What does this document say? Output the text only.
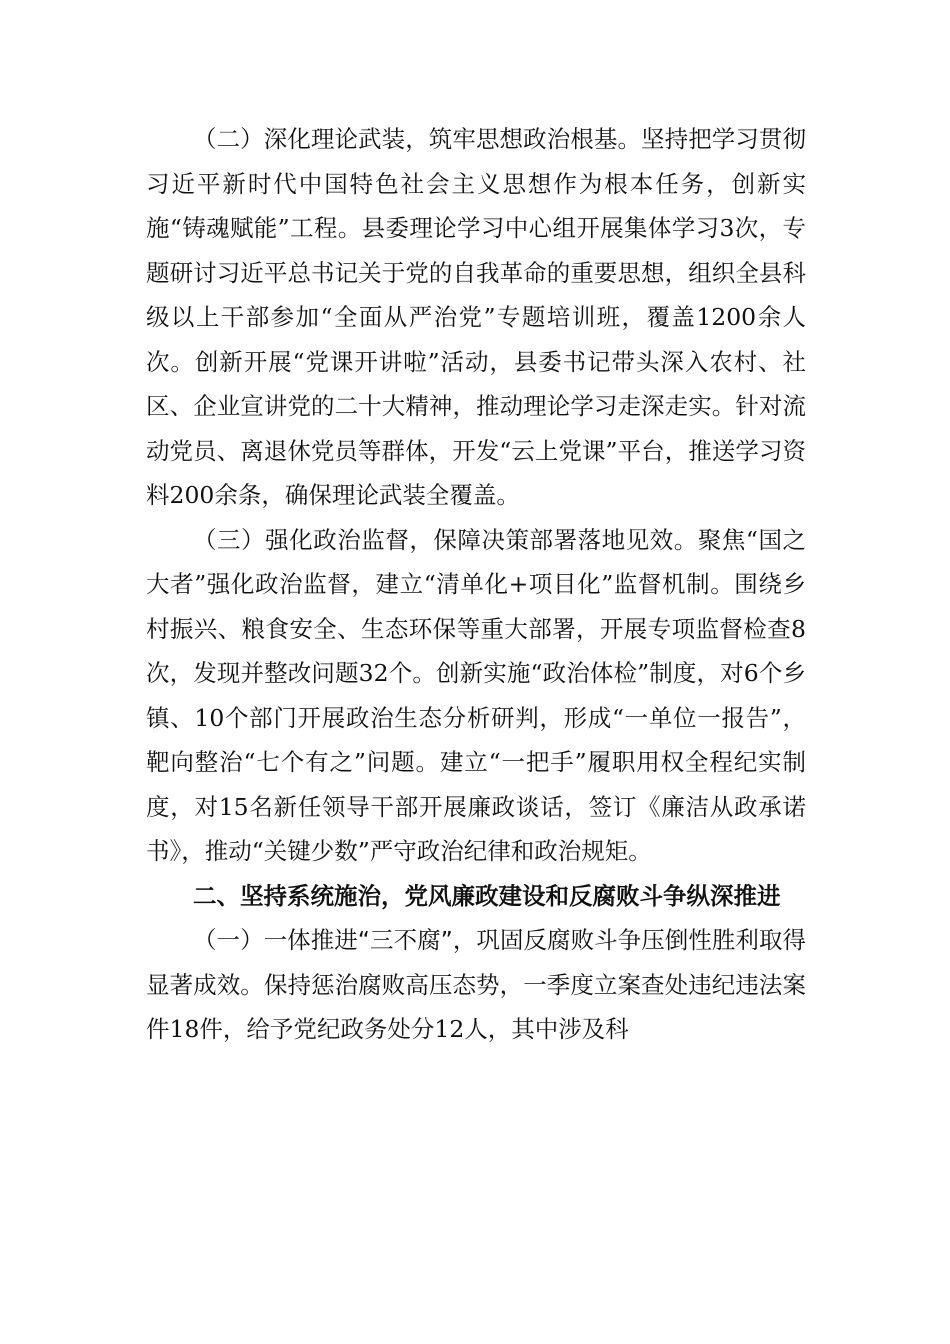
（二）深化理论武装，筑牢思想政治根基。坚持把学习贯彻习近平新时代中国特色社会主义思想作为根本任务，创新实施“铸魂赋能”工程。县委理论学习中心组开展集体学习3次，专题研讨习近平总书记关于党的自我革命的重要思想，组织全县科级以上干部参加“全面从严治党”专题培训班，覆盖1200余人次。创新开展“党课开讲啦”活动，县委书记带头深入农村、社区、企业宣讲党的二十大精神，推动理论学习走深走实。针对流动党员、离退休党员等群体，开发“云上党课”平台，推送学习资料200余条，确保理论武装全覆盖。

（三）强化政治监督，保障决策部署落地见效。聚焦“国之大者”强化政治监督，建立“清单化+项目化”监督机制。围绕乡村振兴、粮食安全、生态环保等重大部署，开展专项监督检查8次，发现并整改问题32个。创新实施“政治体检”制度，对6个乡镇、10个部门开展政治生态分析研判，形成“一单位一报告”，靶向整治“七个有之”问题。建立“一把手”履职用权全程纪实制度，对15名新任领导干部开展廉政谈话，签订《廉洁从政承诺书》，推动“关键少数”严守政治纪律和政治规矩。

二、坚持系统施治，党风廉政建设和反腐败斗争纵深推进

（一）一体推进“三不腐”，巩固反腐败斗争压倒性胜利取得显著成效。保持惩治腐败高压态势，一季度立案查处违纪违法案件18件，给予党纪政务处分12人，其中涉及科
